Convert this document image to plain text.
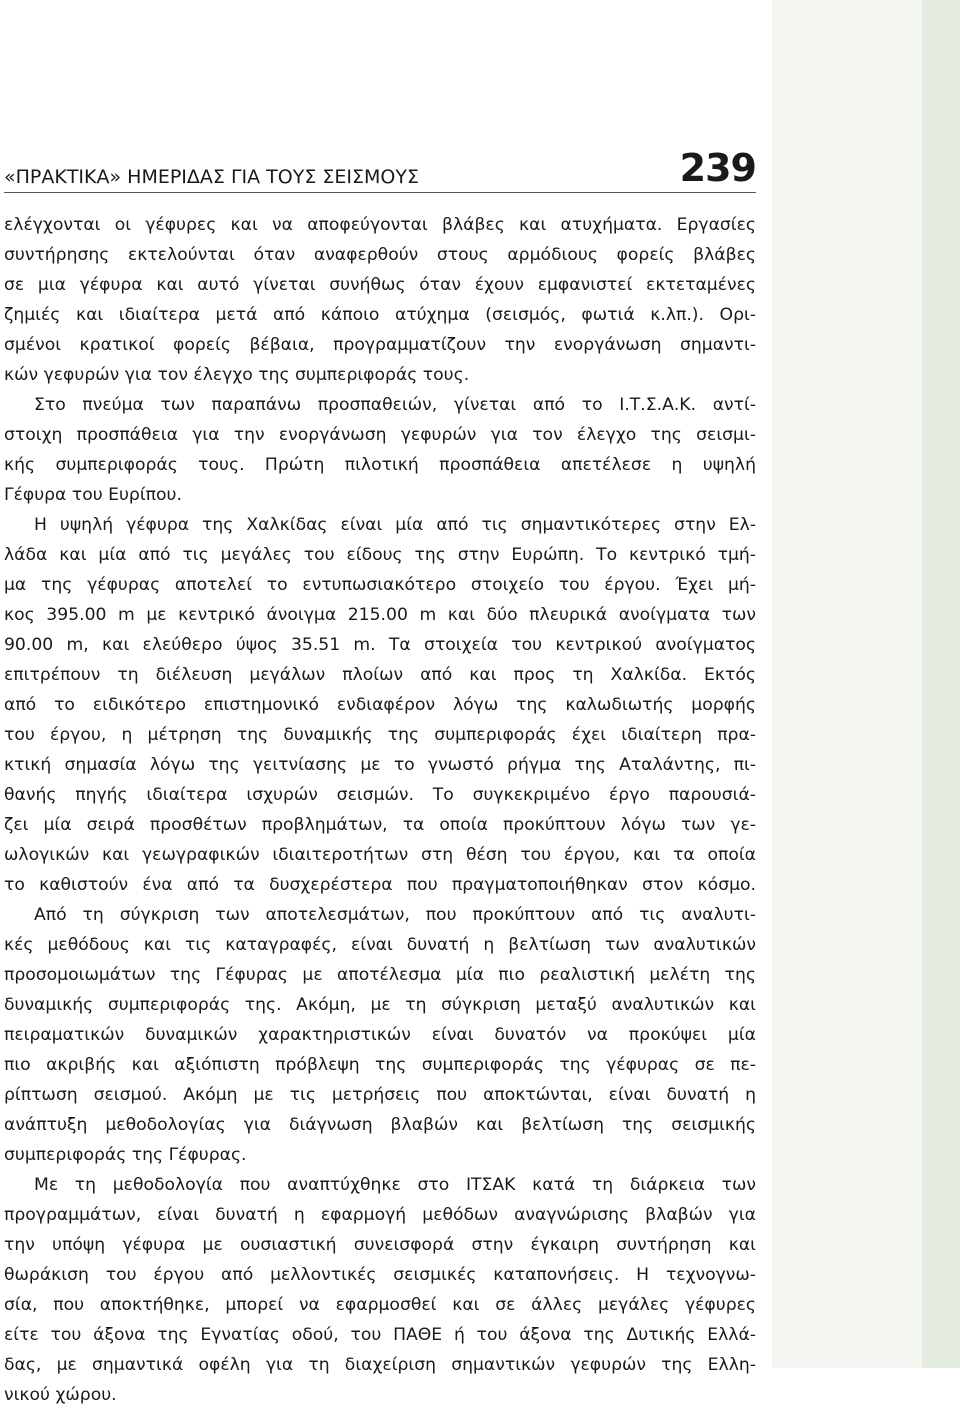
«ΠΡΑΚΤΙΚΑ» ΗΜΕΡΙΔΑΣ ΓΙΑ ΤΟΥΣ ΣΕΙΣΜΟΥΣ	239
ελέγχονται οι γέφυρες και να αποφεύγονται βλάβες και ατυχήματα. Εργασίες
συντήρησης εκτελούνται όταν αναφερθούν στους αρμόδιους φορείς βλάβες
σε μια γέφυρα και αυτό γίνεται συνήθως όταν έχουν εμφανιστεί εκτεταμένες
ζημιές και ιδιαίτερα μετά από κάποιο ατύχημα (σεισμός, φωτιά κ.λπ.). Ορι-
σμένοι κρατικοί φορείς βέβαια, προγραμματίζουν την ενοργάνωση σημαντι-
κών γεφυρών για τον έλεγχο της συμπεριφοράς τους.
Στο πνεύμα των παραπάνω προσπαθειών, γίνεται από το Ι.Τ.Σ.Α.Κ. αντί-
στοιχη προσπάθεια για την ενοργάνωση γεφυρών για τον έλεγχο της σεισμι-
κής συμπεριφοράς τους. Πρώτη πιλοτική προσπάθεια απετέλεσε η υψηλή
Γέφυρα του Ευρίπου.
Η υψηλή γέφυρα της Χαλκίδας είναι μία από τις σημαντικότερες στην Ελ-
λάδα και μία από τις μεγάλες του είδους της στην Ευρώπη. Το κεντρικό τμή-
μα της γέφυρας αποτελεί το εντυπωσιακότερο στοιχείο του έργου. Έχει μή-
κος 395.00 m με κεντρικό άνοιγμα 215.00 m και δύο πλευρικά ανοίγματα των
90.00 m, και ελεύθερο ύψος 35.51 m. Τα στοιχεία του κεντρικού ανοίγματος
επιτρέπουν τη διέλευση μεγάλων πλοίων από και προς τη Χαλκίδα. Εκτός
από το ειδικότερο επιστημονικό ενδιαφέρον λόγω της καλωδιωτής μορφής
του έργου, η μέτρηση της δυναμικής της συμπεριφοράς έχει ιδιαίτερη πρα-
κτική σημασία λόγω της γειτνίασης με το γνωστό ρήγμα της Αταλάντης, πι-
θανής πηγής ιδιαίτερα ισχυρών σεισμών. Το συγκεκριμένο έργο παρουσιά-
ζει μία σειρά προσθέτων προβλημάτων, τα οποία προκύπτουν λόγω των γε-
ωλογικών και γεωγραφικών ιδιαιτεροτήτων στη θέση του έργου, και τα οποία
το καθιστούν ένα από τα δυσχερέστερα που πραγματοποιήθηκαν στον κόσμο.
Από τη σύγκριση των αποτελεσμάτων, που προκύπτουν από τις αναλυτι-
κές μεθόδους και τις καταγραφές, είναι δυνατή η βελτίωση των αναλυτικών
προσομοιωμάτων της Γέφυρας με αποτέλεσμα μία πιο ρεαλιστική μελέτη της
δυναμικής συμπεριφοράς της. Ακόμη, με τη σύγκριση μεταξύ αναλυτικών και
πειραματικών δυναμικών χαρακτηριστικών είναι δυνατόν να προκύψει μία
πιο ακριβής και αξιόπιστη πρόβλεψη της συμπεριφοράς της γέφυρας σε πε-
ρίπτωση σεισμού. Ακόμη με τις μετρήσεις που αποκτώνται, είναι δυνατή η
ανάπτυξη μεθοδολογίας για διάγνωση βλαβών και βελτίωση της σεισμικής
συμπεριφοράς της Γέφυρας.
Με τη μεθοδολογία που αναπτύχθηκε στο ΙΤΣΑΚ κατά τη διάρκεια των
προγραμμάτων, είναι δυνατή η εφαρμογή μεθόδων αναγνώρισης βλαβών για
την υπόψη γέφυρα με ουσιαστική συνεισφορά στην έγκαιρη συντήρηση και
θωράκιση του έργου από μελλοντικές σεισμικές καταπονήσεις. Η τεχνογνω-
σία, που αποκτήθηκε, μπορεί να εφαρμοσθεί και σε άλλες μεγάλες γέφυρες
είτε του άξονα της Εγνατίας οδού, του ΠΑΘΕ ή του άξονα της Δυτικής Ελλά-
δας, με σημαντικά οφέλη για τη διαχείριση σημαντικών γεφυρών της Ελλη-
νικού χώρου.
